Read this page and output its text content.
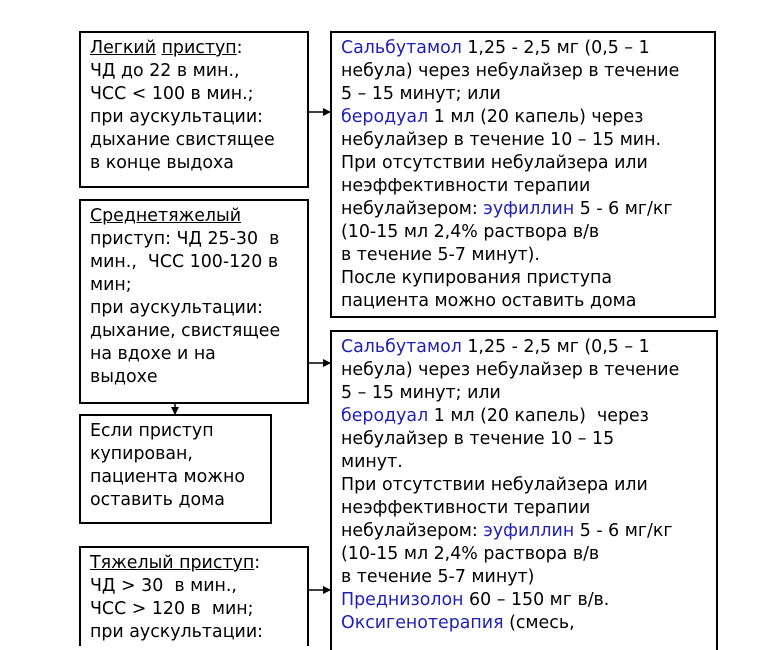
Легкий приступ:
ЧД до 22 в мин.,
ЧСС < 100 в мин.;
при аускультации:
дыхание свистящее
в конце выдоха
Среднетяжелый
приступ: ЧД 25-30  в
мин.,  ЧСС 100-120 в
мин;
при аускультации:
дыхание, свистящее
на вдохе и на
выдохе
Если приступ
купирован,
пациента можно
оставить дома
Тяжелый приступ:
ЧД > 30  в мин.,
ЧСС > 120 в  мин;
при аускультации:
Сальбутамол 1,25 - 2,5 мг (0,5 – 1
небула) через небулайзер в течение
5 – 15 минут; или
беродуал 1 мл (20 капель) через
небулайзер в течение 10 – 15 мин.
При отсутствии небулайзера или
неэффективности терапии
небулайзером: эуфиллин 5 - 6 мг/кг
(10-15 мл 2,4% раствора в/в
в течение 5-7 минут).
После купирования приступа
пациента можно оставить дома
Сальбутамол 1,25 - 2,5 мг (0,5 – 1
небула) через небулайзер в течение
5 – 15 минут; или
беродуал 1 мл (20 капель)  через
небулайзер в течение 10 – 15
минут.
При отсутствии небулайзера или
неэффективности терапии
небулайзером: эуфиллин 5 - 6 мг/кг
(10-15 мл 2,4% раствора в/в
в течение 5-7 минут)
Преднизолон 60 – 150 мг в/в.
Оксигенотерапия (смесь,
